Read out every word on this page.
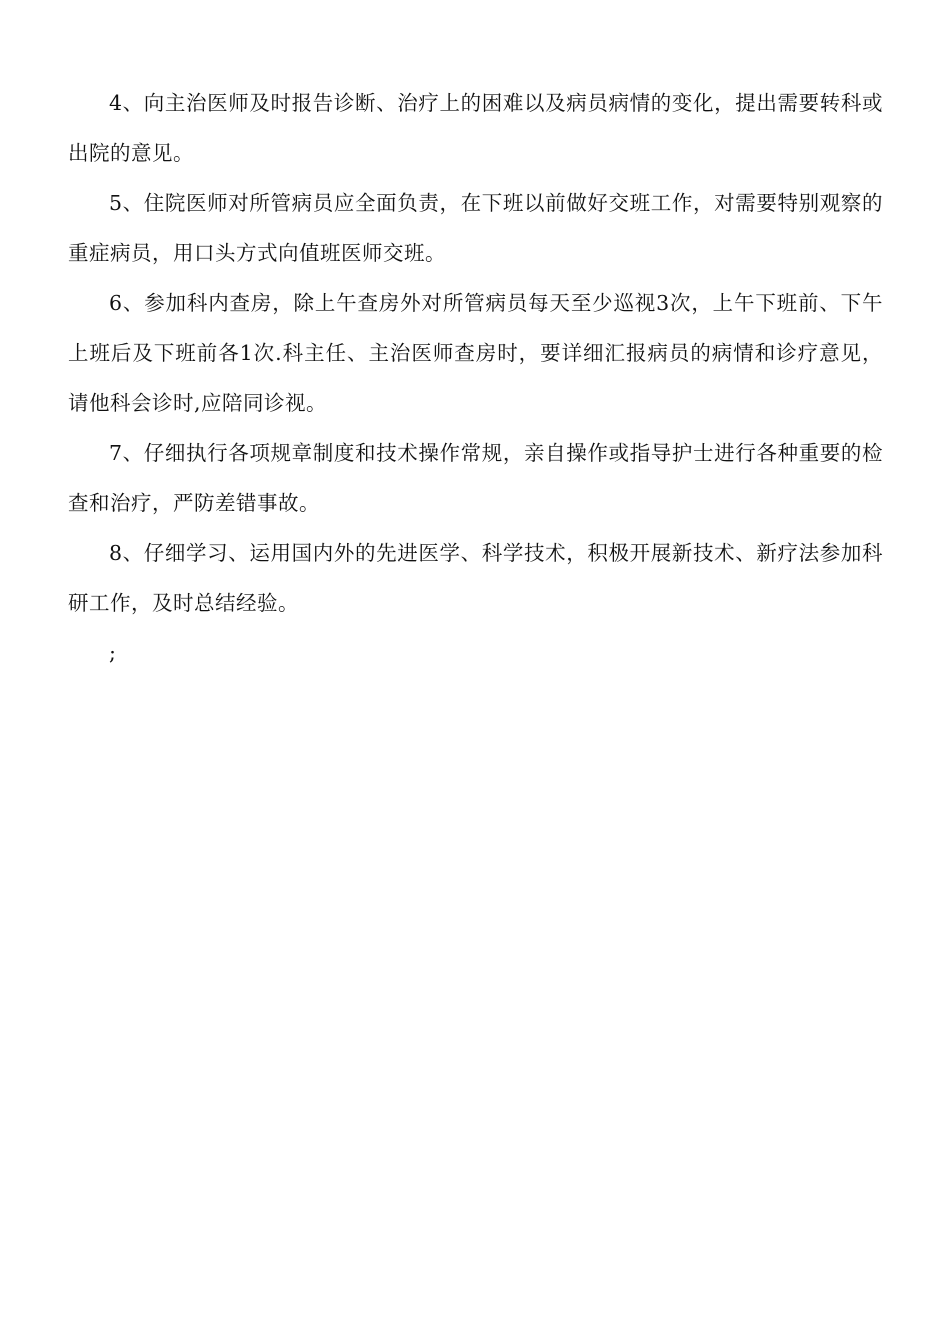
4、向主治医师及时报告诊断、治疗上的困难以及病员病情的变化，提出需要转科或出院的意见。

5、住院医师对所管病员应全面负责，在下班以前做好交班工作，对需要特别观察的重症病员，用口头方式向值班医师交班。

6、参加科内查房，除上午查房外对所管病员每天至少巡视3次，上午下班前、下午上班后及下班前各1次.科主任、主治医师查房时，要详细汇报病员的病情和诊疗意见，请他科会诊时,应陪同诊视。

7、仔细执行各项规章制度和技术操作常规，亲自操作或指导护士进行各种重要的检查和治疗，严防差错事故。

8、仔细学习、运用国内外的先进医学、科学技术，积极开展新技术、新疗法参加科研工作，及时总结经验。

;
